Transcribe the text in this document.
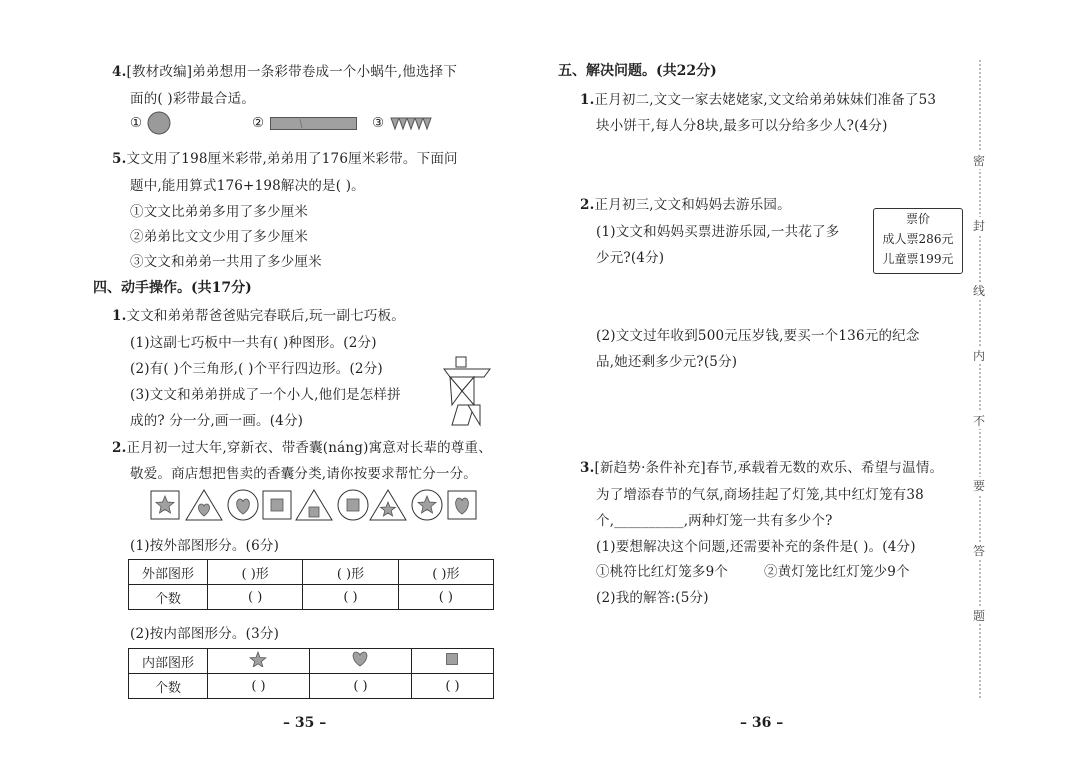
4.[教材改编]弟弟想用一条彩带卷成一个小蜗牛,他选择下
面的( )彩带最合适。
①	②	③
5.文文用了198厘米彩带,弟弟用了176厘米彩带。下面问
题中,能用算式176+198解决的是( )。
①文文比弟弟多用了多少厘米
②弟弟比文文少用了多少厘米
③文文和弟弟一共用了多少厘米
四、动手操作。(共17分)
1.文文和弟弟帮爸爸贴完春联后,玩一副七巧板。
(1)这副七巧板中一共有( )种图形。(2分)
(2)有( )个三角形,( )个平行四边形。(2分)
(3)文文和弟弟拼成了一个小人,他们是怎样拼
成的? 分一分,画一画。(4分)
2.正月初一过大年,穿新衣、带香囊(náng)寓意对长辈的尊重、
敬爱。商店想把售卖的香囊分类,请你按要求帮忙分一分。
(1)按外部图形分。(6分)
外部图形	( )形	( )形	( )形
个数	( )	( )	( )
(2)按内部图形分。(3分)
内部图形			
个数	( )	( )	( )
– 35 –
五、解决问题。(共22分)
1.正月初二,文文一家去姥姥家,文文给弟弟妹妹们准备了53
块小饼干,每人分8块,最多可以分给多少人?(4分)
2.正月初三,文文和妈妈去游乐园。
(1)文文和妈妈买票进游乐园,一共花了多
少元?(4分)
票价
成人票286元
儿童票199元
(2)文文过年收到500元压岁钱,要买一个136元的纪念
品,她还剩多少元?(5分)
3.[新趋势·条件补充]春节,承载着无数的欢乐、希望与温情。
为了增添春节的气氛,商场挂起了灯笼,其中红灯笼有38
个,__________,两种灯笼一共有多少个?
(1)要想解决这个问题,还需要补充的条件是( )。(4分)
①桃符比红灯笼多9个	②黄灯笼比红灯笼少9个
(2)我的解答:(5分)
– 36 –
密
封
线
内
不
要
答
题
